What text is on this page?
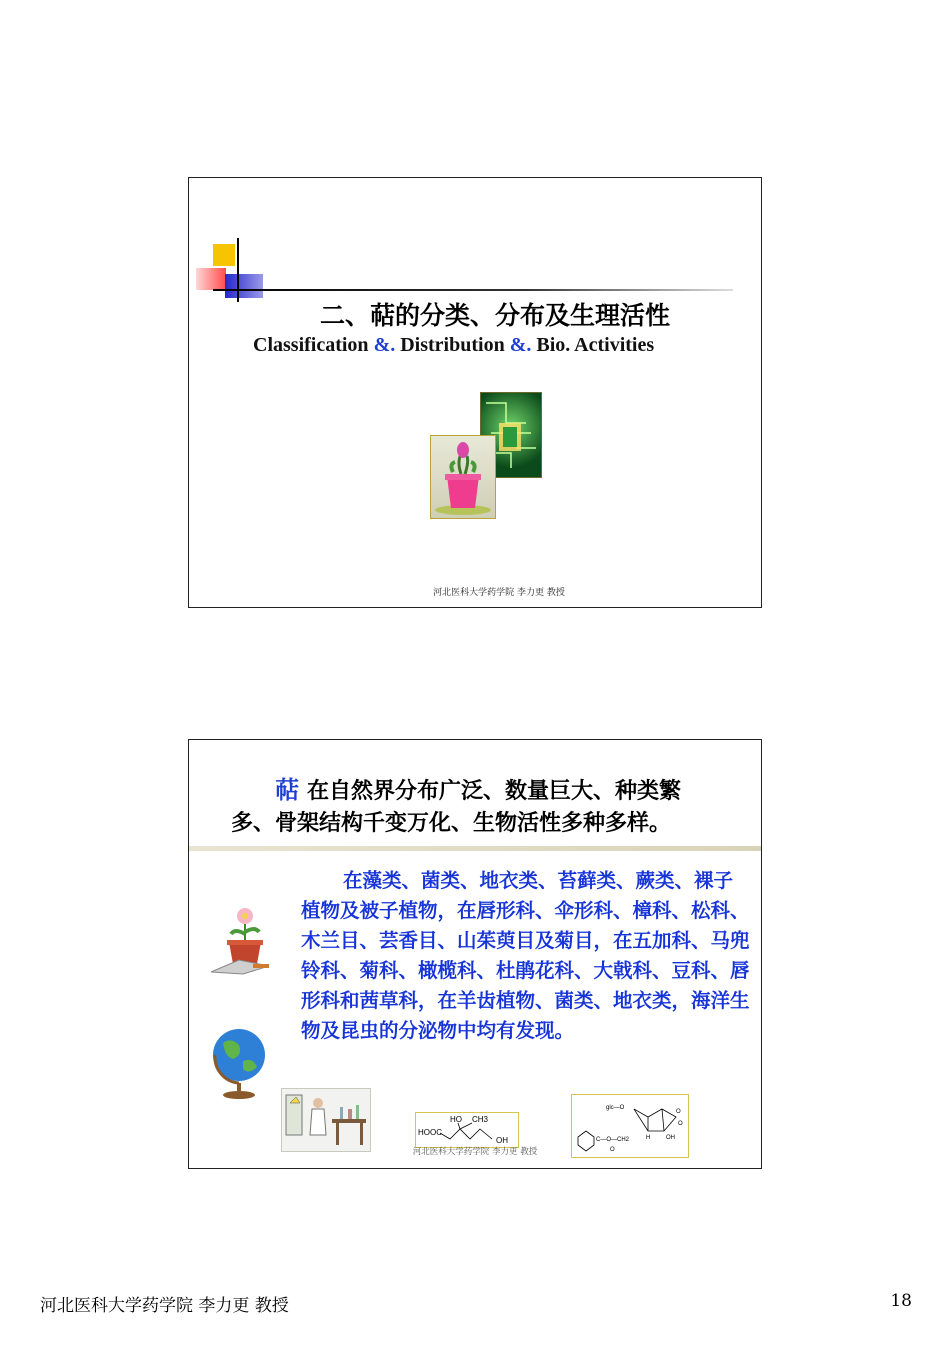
二、萜的分类、分布及生理活性
Classification &. Distribution &. Bio. Activities
河北医科大学药学院 李力更 教授
萜 在自然界分布广泛、数量巨大、种类繁
多、骨架结构千变万化、生物活性多种多样。
在藻类、菌类、地衣类、苔藓类、蕨类、裸子植物及被子植物，在唇形科、伞形科、樟科、松科、木兰目、芸香目、山茱萸目及菊目，在五加科、马兜铃科、菊科、橄榄科、杜鹃花科、大戟科、豆科、唇形科和茜草科，在羊齿植物、菌类、地衣类，海洋生物及昆虫的分泌物中均有发现。
HO CH3
HOOC
OH
glc—O
C—O—CH2
O
H	OH
O
O
河北医科大学药学院 李力更 教授
河北医科大学药学院 李力更 教授	18
